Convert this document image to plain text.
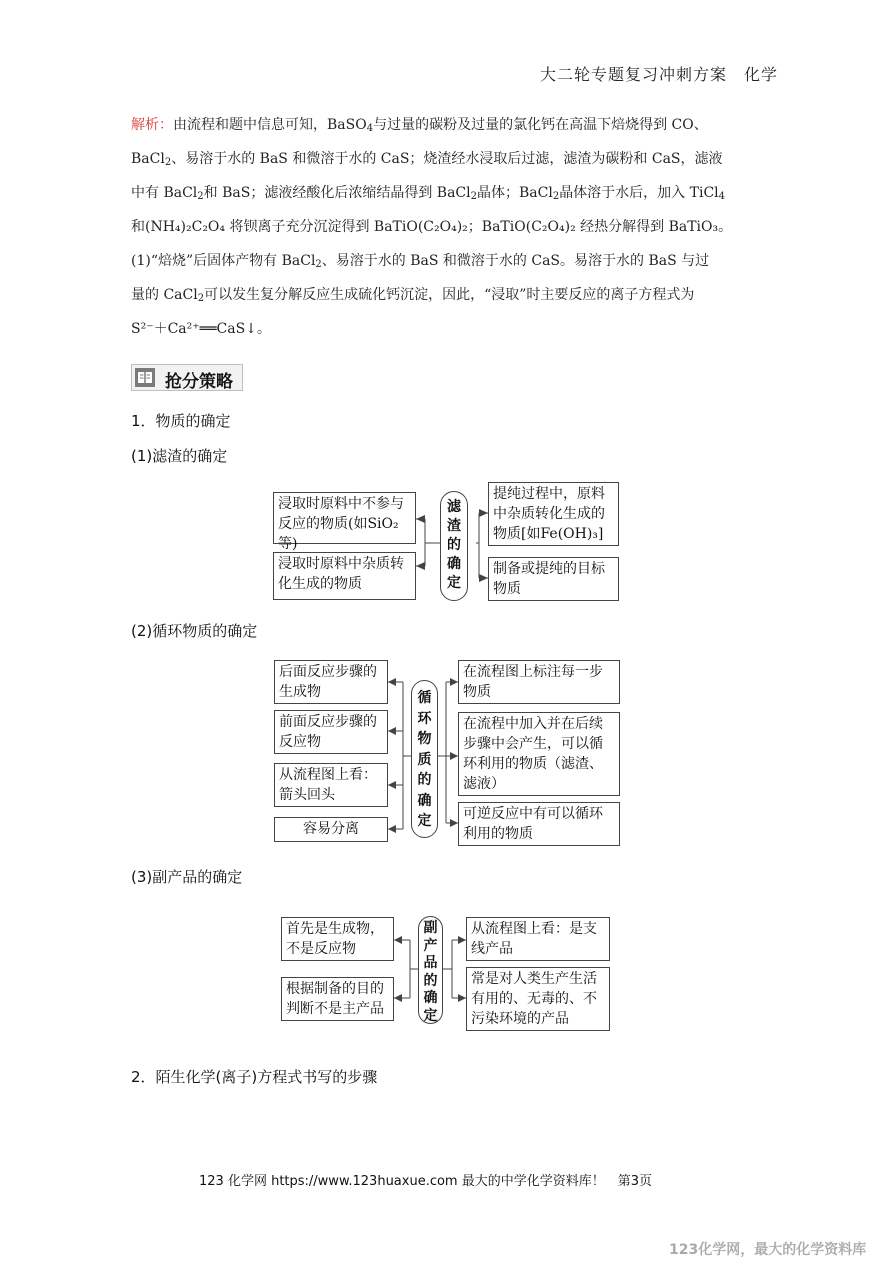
大二轮专题复习冲刺方案 化学
解析：由流程和题中信息可知，BaSO$_4$与过量的碳粉及过量的氯化钙在高温下焙烧得到 CO、
BaCl$_2$、易溶于水的 BaS 和微溶于水的 CaS；烧渣经水浸取后过滤，滤渣为碳粉和 CaS，滤液
中有 BaCl$_2$和 BaS；滤液经酸化后浓缩结晶得到 BaCl$_2$晶体；BaCl$_2$晶体溶于水后，加入 TiCl$_4$
和(NH₄)₂C₂O₄ 将钡离子充分沉淀得到 BaTiO(C₂O₄)₂；BaTiO(C₂O₄)₂ 经热分解得到 BaTiO₃。
(1)“焙烧”后固体产物有 BaCl$_2$、易溶于水的 BaS 和微溶于水的 CaS。易溶于水的 BaS 与过
量的 CaCl$_2$可以发生复分解反应生成硫化钙沉淀，因此，“浸取”时主要反应的离子方程式为
S²⁻＋Ca²⁺══CaS↓。
抢分策略
1．物质的确定
(1)滤渣的确定
浸取时原料中不参与反应的物质(如SiO₂等)
浸取时原料中杂质转化生成的物质
滤
渣
的
确
定
提纯过程中，原料中杂质转化生成的物质[如Fe(OH)₃]
制备或提纯的目标物质
(2)循环物质的确定
后面反应步骤的生成物
前面反应步骤的反应物
从流程图上看：箭头回头
容易分离
循
环
物
质
的
确
定
在流程图上标注每一步物质
在流程中加入并在后续步骤中会产生，可以循环利用的物质（滤渣、滤液）
可逆反应中有可以循环利用的物质
(3)副产品的确定
首先是生成物，不是反应物
根据制备的目的判断不是主产品
副
产
品
的
确
定
从流程图上看：是支线产品
常是对人类生产生活有用的、无毒的、不污染环境的产品
2．陌生化学(离子)方程式书写的步骤
123 化学网 https://www.123huaxue.com 最大的中学化学资料库！ 第3页
123化学网，最大的化学资料库
